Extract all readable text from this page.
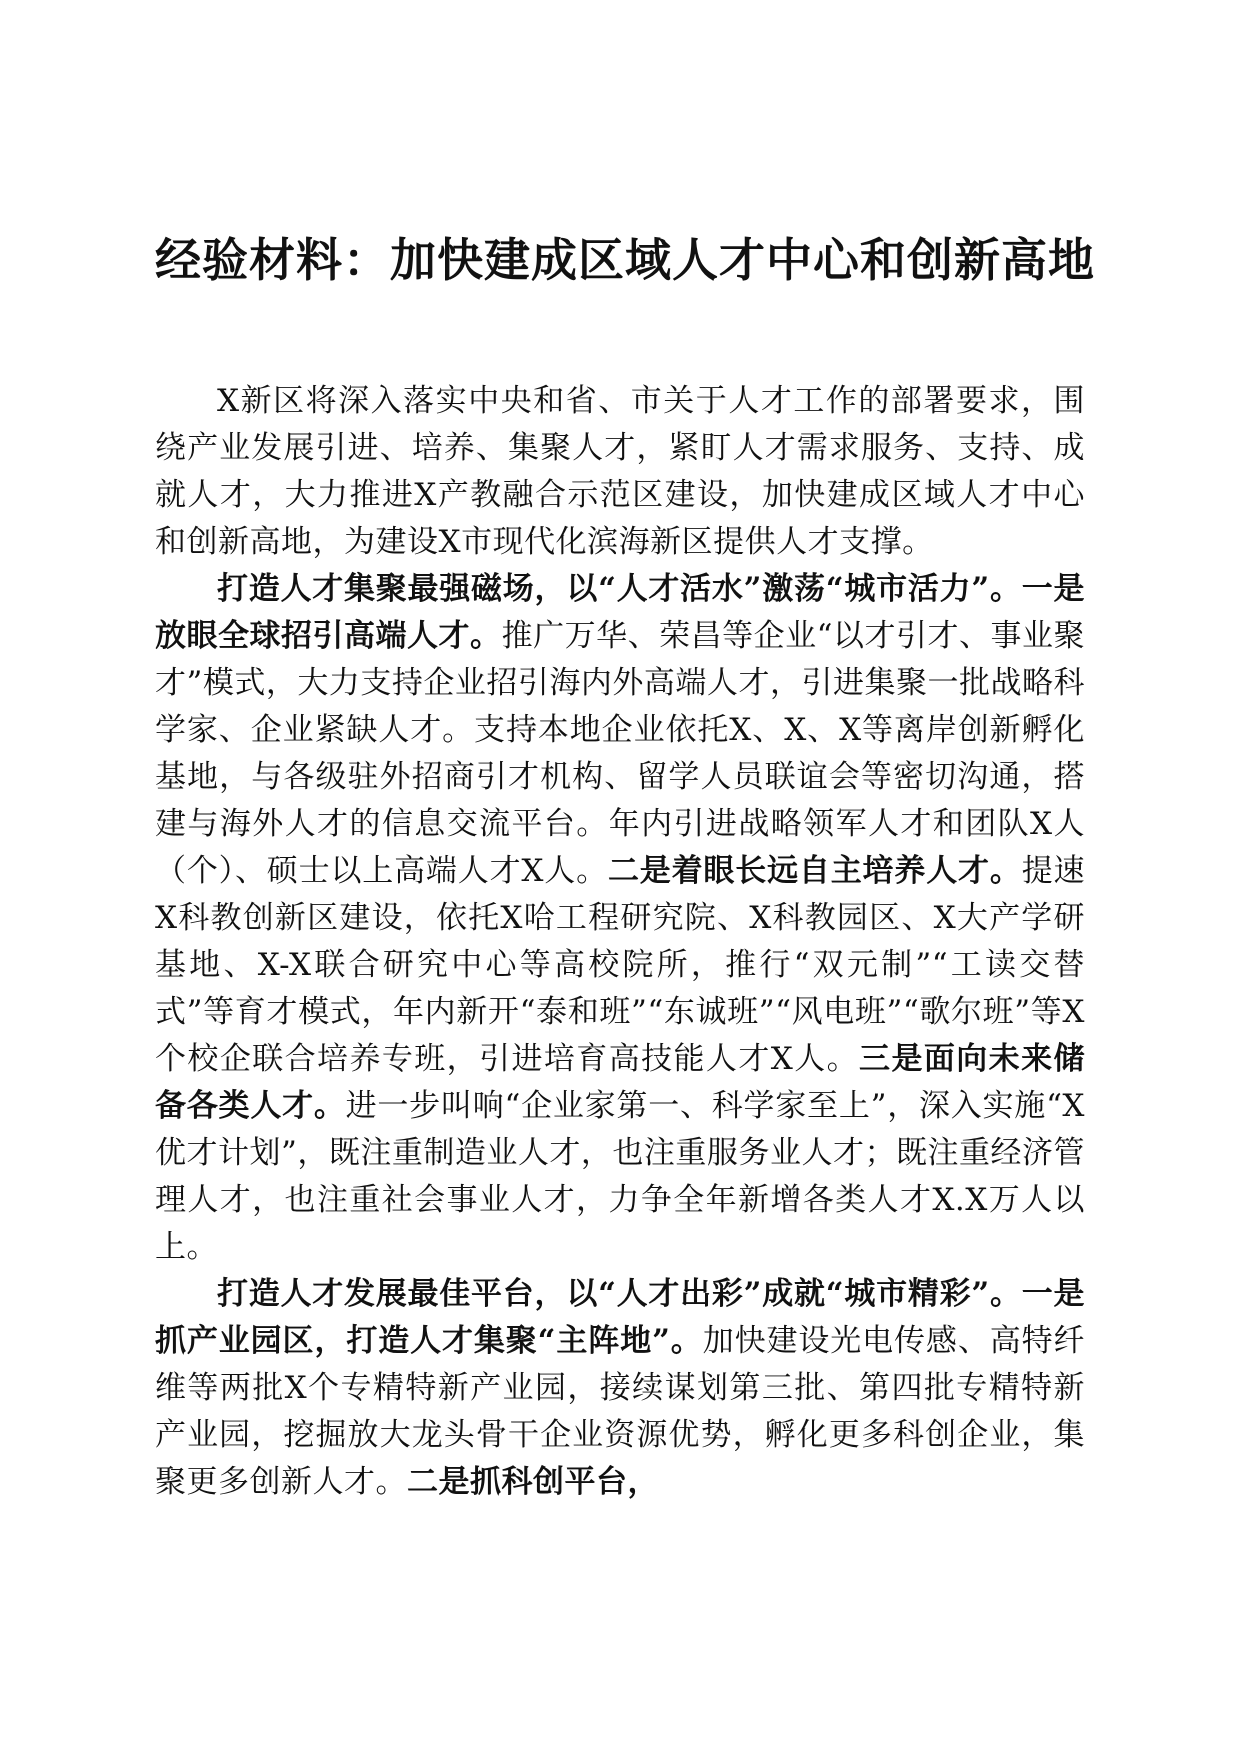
经验材料：加快建成区域人才中心和创新高地

X新区将深入落实中央和省、市关于人才工作的部署要求，围绕产业发展引进、培养、集聚人才，紧盯人才需求服务、支持、成就人才，大力推进X产教融合示范区建设，加快建成区域人才中心和创新高地，为建设X市现代化滨海新区提供人才支撑。

打造人才集聚最强磁场，以“人才活水”激荡“城市活力”。一是放眼全球招引高端人才。推广万华、荣昌等企业“以才引才、事业聚才”模式，大力支持企业招引海内外高端人才，引进集聚一批战略科学家、企业紧缺人才。支持本地企业依托X、X、X等离岸创新孵化基地，与各级驻外招商引才机构、留学人员联谊会等密切沟通，搭建与海外人才的信息交流平台。年内引进战略领军人才和团队X人（个）、硕士以上高端人才X人。二是着眼长远自主培养人才。提速X科教创新区建设，依托X哈工程研究院、X科教园区、X大产学研基地、X-X联合研究中心等高校院所，推行“双元制”“工读交替式”等育才模式，年内新开“泰和班”“东诚班”“风电班”“歌尔班”等X个校企联合培养专班，引进培育高技能人才X人。三是面向未来储备各类人才。进一步叫响“企业家第一、科学家至上”，深入实施“X优才计划”，既注重制造业人才，也注重服务业人才；既注重经济管理人才，也注重社会事业人才，力争全年新增各类人才X.X万人以上。

打造人才发展最佳平台，以“人才出彩”成就“城市精彩”。一是抓产业园区，打造人才集聚“主阵地”。加快建设光电传感、高特纤维等两批X个专精特新产业园，接续谋划第三批、第四批专精特新产业园，挖掘放大龙头骨干企业资源优势，孵化更多科创企业，集聚更多创新人才。二是抓科创平台，
